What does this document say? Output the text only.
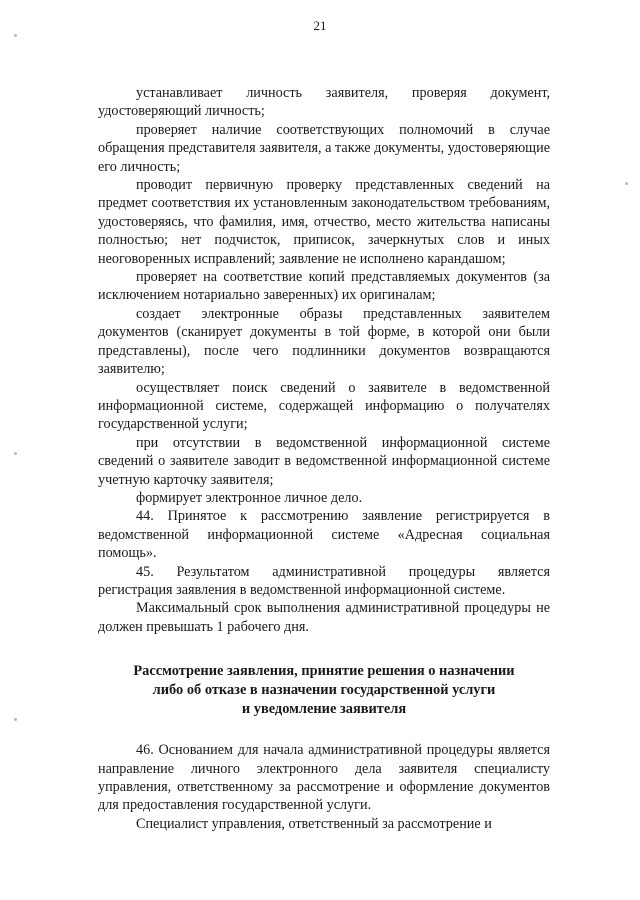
21

устанавливает личность заявителя, проверяя документ, удостоверяющий личность;

проверяет наличие соответствующих полномочий в случае обращения представителя заявителя, а также документы, удостоверяющие его личность;

проводит первичную проверку представленных сведений на предмет соответствия их установленным законодательством требованиям, удостоверяясь, что фамилия, имя, отчество, место жительства написаны полностью; нет подчисток, приписок, зачеркнутых слов и иных неоговоренных исправлений; заявление не исполнено карандашом;

проверяет на соответствие копий представляемых документов (за исключением нотариально заверенных) их оригиналам;

создает электронные образы представленных заявителем документов (сканирует документы в той форме, в которой они были представлены), после чего подлинники документов возвращаются заявителю;

осуществляет поиск сведений о заявителе в ведомственной информационной системе, содержащей информацию о получателях государственной услуги;

при отсутствии в ведомственной информационной системе сведений о заявителе заводит в ведомственной информационной системе учетную карточку заявителя;

формирует электронное личное дело.

44. Принятое к рассмотрению заявление регистрируется в ведомственной информационной системе «Адресная социальная помощь».

45. Результатом административной процедуры является регистрация заявления в ведомственной информационной системе.

Максимальный срок выполнения административной процедуры не должен превышать 1 рабочего дня.

Рассмотрение заявления, принятие решения о назначении
либо об отказе в назначении государственной услуги
и уведомление заявителя

46. Основанием для начала административной процедуры является направление личного электронного дела заявителя специалисту управления, ответственному за рассмотрение и оформление документов для предоставления государственной услуги.

Специалист управления, ответственный за рассмотрение и
